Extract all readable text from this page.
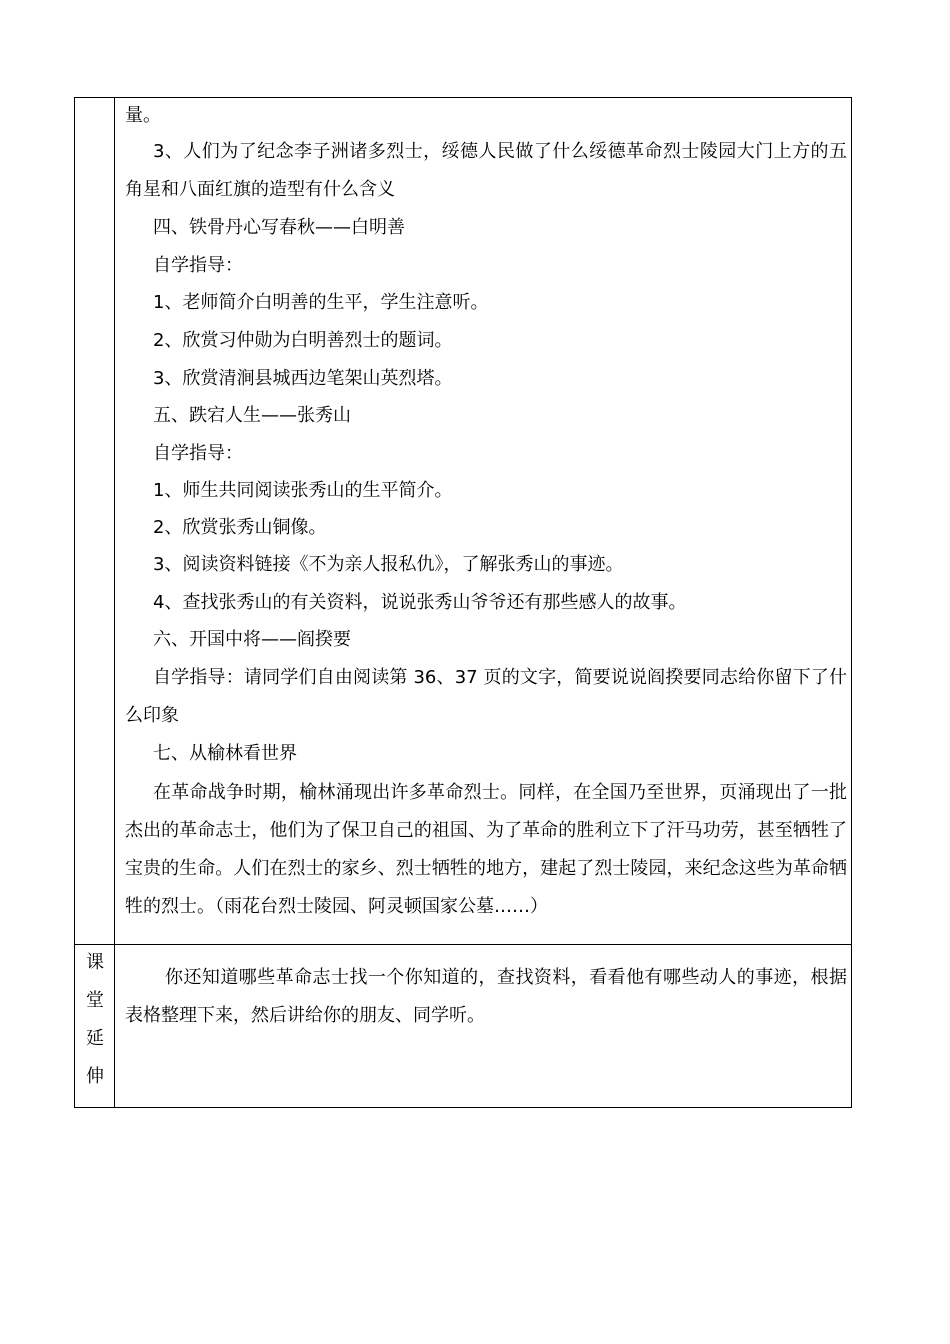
量。
3、人们为了纪念李子洲诸多烈士，绥德人民做了什么绥德革命烈士陵园大门上方的五角星和八面红旗的造型有什么含义
四、铁骨丹心写春秋——白明善
自学指导：
1、老师简介白明善的生平，学生注意听。
2、欣赏习仲勋为白明善烈士的题词。
3、欣赏清涧县城西边笔架山英烈塔。
五、跌宕人生——张秀山
自学指导：
1、师生共同阅读张秀山的生平简介。
2、欣赏张秀山铜像。
3、阅读资料链接《不为亲人报私仇》，了解张秀山的事迹。
4、查找张秀山的有关资料，说说张秀山爷爷还有那些感人的故事。
六、开国中将——阎揆要
自学指导：请同学们自由阅读第 36、37 页的文字，简要说说阎揆要同志给你留下了什么印象
七、从榆林看世界
在革命战争时期，榆林涌现出许多革命烈士。同样，在全国乃至世界，页涌现出了一批杰出的革命志士，他们为了保卫自己的祖国、为了革命的胜利立下了汗马功劳，甚至牺牲了宝贵的生命。人们在烈士的家乡、烈士牺牲的地方，建起了烈士陵园，来纪念这些为革命牺牲的烈士。（雨花台烈士陵园、阿灵顿国家公墓……）
课
堂
延
伸
你还知道哪些革命志士找一个你知道的，查找资料，看看他有哪些动人的事迹，根据表格整理下来，然后讲给你的朋友、同学听。
